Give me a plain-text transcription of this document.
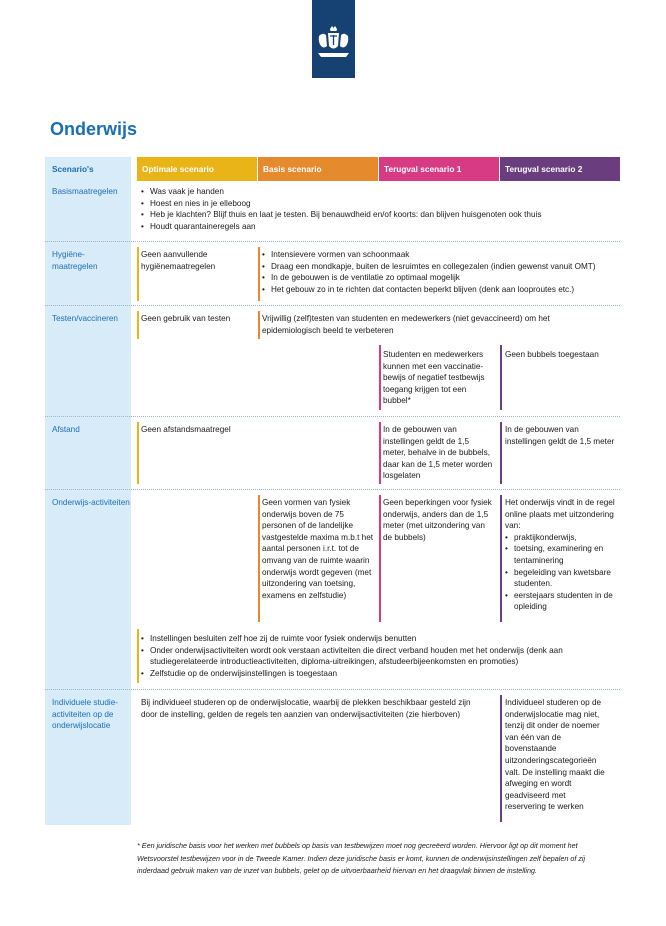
Onderwijs
Scenario's	Optimale scenario	Basis scenario	Terugval scenario 1	Terugval scenario 2
Basismaatregelen
•	Was vaak je handen
• Hoest en nies in je elleboog
• Heb je klachten? Blijf thuis en laat je testen. Bij benauwdheid en/of koorts: dan blijven huisgenoten ook thuis
• Houdt quarantaineregels aan
Hygiëne-maatregelen
Geen aanvullende hygiënemaatregelen
• Intensievere vormen van schoonmaak
• Draag een mondkapje, buiten de lesruimtes en collegezalen (indien gewenst vanuit OMT)
• In de gebouwen is de ventilatie zo optimaal mogelijk
• Het gebouw zo in te richten dat contacten beperkt blijven (denk aan looproutes etc.)
Testen/vaccineren	Geen gebruik van testen	Vrijwillig (zelf)testen van studenten en medewerkers (niet gevaccineerd) om het epidemiologisch beeld te verbeteren
Studenten en medewerkers kunnen met een vaccinatie-bewijs of negatief testbewijs toegang krijgen tot een bubbel*
Geen bubbels toegestaan
Afstand	Geen afstandsmaatregel	In de gebouwen van instellingen geldt de 1,5 meter, behalve in de bubbels, daar kan de 1,5 meter worden losgelaten
In de gebouwen van instellingen geldt de 1,5 meter
Onderwijs-activiteiten	Geen vormen van fysiek onderwijs boven de 75 personen of de landelijke vastgestelde maxima m.b.t het aantal personen i.r.t. tot de omvang van de ruimte waarin onderwijs wordt gegeven (met uitzondering van toetsing, examens en zelfstudie)
Geen beperkingen voor fysiek onderwijs, anders dan de 1,5 meter (met uitzondering van de bubbels)
Het onderwijs vindt in de regel online plaats met uitzondering van:
• praktijkonderwijs,
• toetsing, examinering en tentaminering
• begeleiding van kwetsbare studenten.
• eerstejaars studenten in de opleiding
• Instellingen besluiten zelf hoe zij de ruimte voor fysiek onderwijs benutten
• Onder onderwijsactiviteiten wordt ook verstaan activiteiten die direct verband houden met het onderwijs (denk aan studiegerelateerde introductieactiviteiten, diploma-uitreikingen, afstudeerbijeenkomsten en promoties)
• Zelfstudie op de onderwijsinstellingen is toegestaan
Individuele studie-activiteiten op de onderwijslocatie
Bij individueel studeren op de onderwijslocatie, waarbij de plekken beschikbaar gesteld zijn door de instelling, gelden de regels ten aanzien van onderwijsactiviteiten (zie hierboven)
Individueel studeren op de onderwijslocatie mag niet, tenzij dit onder de noemer van één van de bovenstaande uitzonderingscategorieën valt. De instelling maakt die afweging en wordt geadviseerd met reservering te werken
* Een juridische basis voor het werken met bubbels op basis van testbewijzen moet nog gecreëerd worden. Hiervoor ligt op dit moment het Wetsvoorstel testbewijzen voor in de Tweede Kamer. Indien deze juridische basis er komt, kunnen de onderwijsinstellingen zelf bepalen of zij inderdaad gebruik maken van de inzet van bubbels, gelet op de uitvoerbaarheid hiervan en het draagvlak binnen de instelling.
